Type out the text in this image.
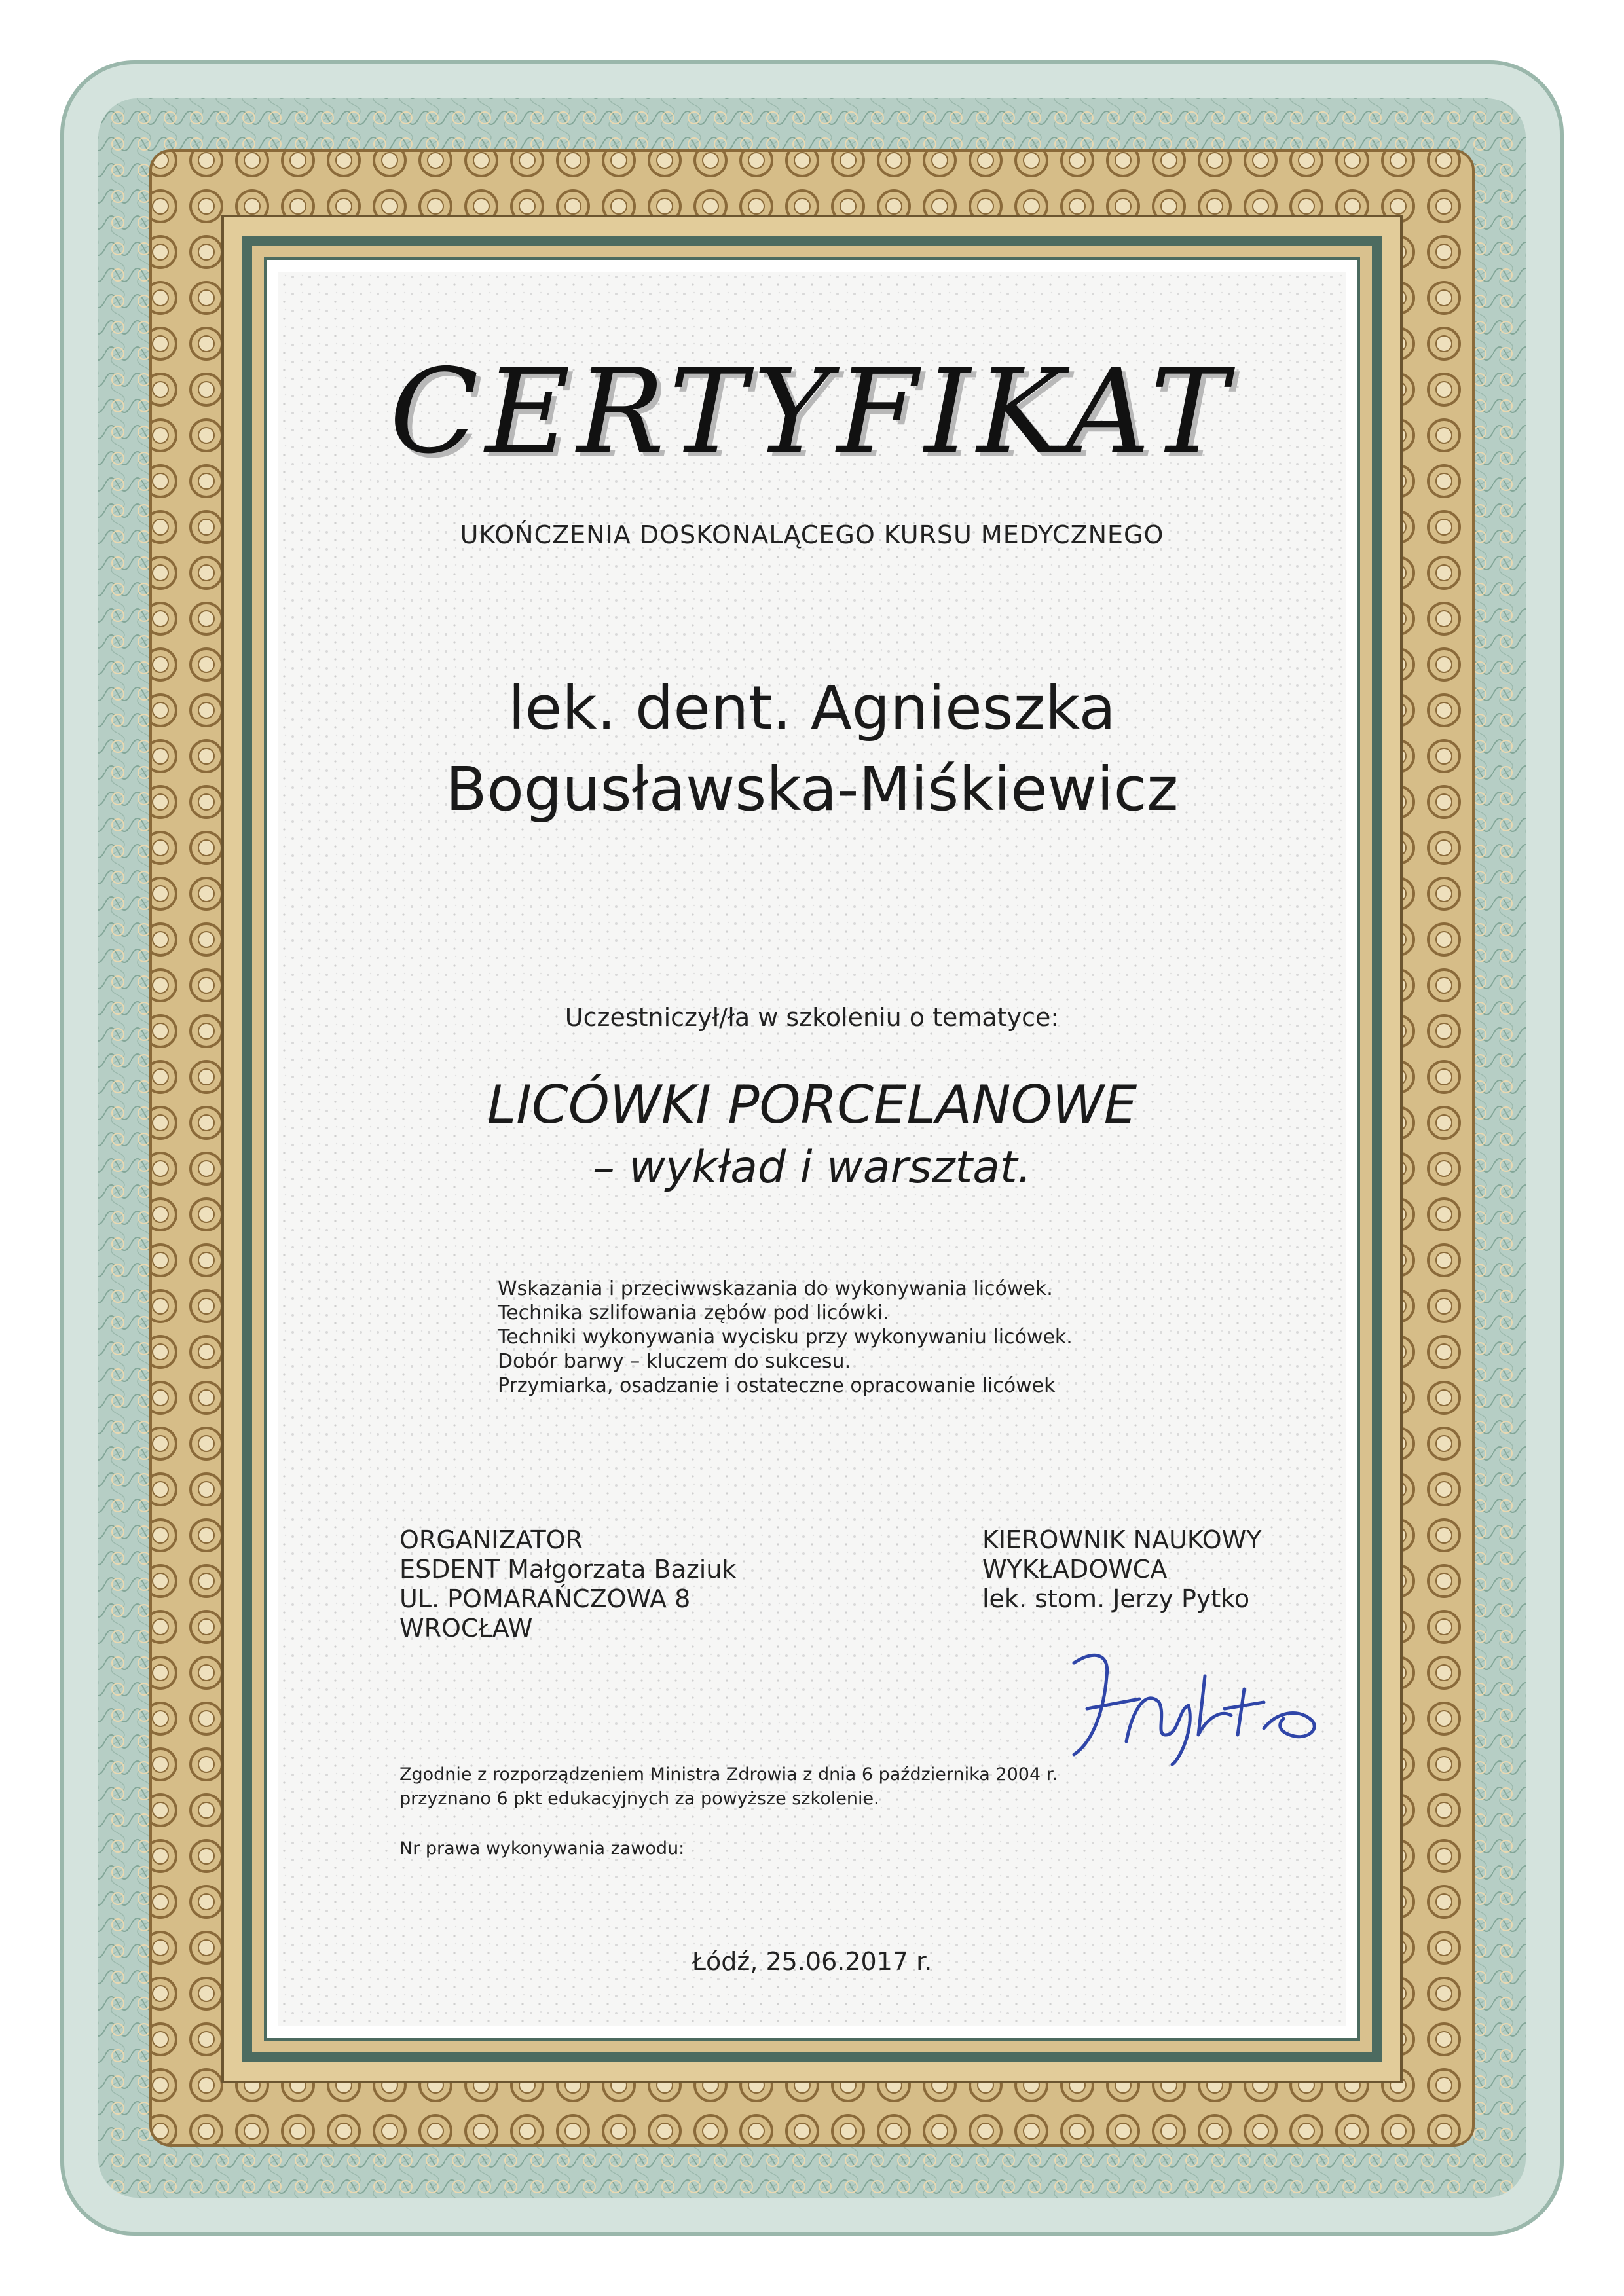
CERTYFIKAT
UKOŃCZENIA DOSKONALĄCEGO KURSU MEDYCZNEGO
lek. dent. Agnieszka
Bogusławska-Miśkiewicz
Uczestniczył/ła w szkoleniu o tematyce:
LICÓWKI PORCELANOWE
– wykład i warsztat.
Wskazania i przeciwwskazania do wykonywania licówek.
Technika szlifowania zębów pod licówki.
Techniki wykonywania wycisku przy wykonywaniu licówek.
Dobór barwy – kluczem do sukcesu.
Przymiarka, osadzanie i ostateczne opracowanie licówek
ORGANIZATOR
ESDENT Małgorzata Baziuk
UL. POMARAŃCZOWA 8
WROCŁAW
KIEROWNIK NAUKOWY
WYKŁADOWCA
lek. stom. Jerzy Pytko
Zgodnie z rozporządzeniem Ministra Zdrowia z dnia 6 października 2004 r.
przyznano 6 pkt edukacyjnych za powyższe szkolenie.
Nr prawa wykonywania zawodu:
Łódź, 25.06.2017 r.
